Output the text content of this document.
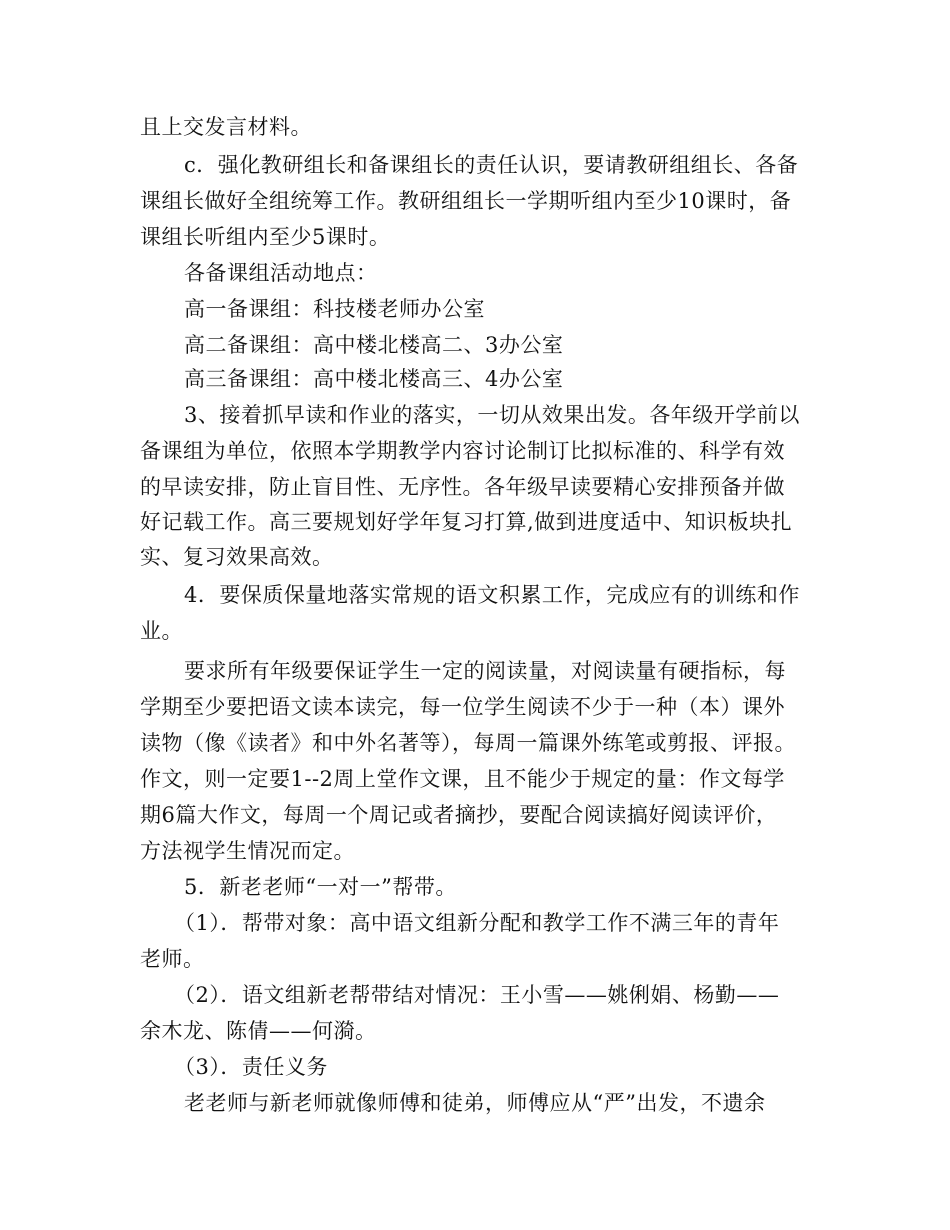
且上交发言材料。
c．强化教研组长和备课组长的责任认识，要请教研组组长、各备
课组长做好全组统筹工作。教研组组长一学期听组内至少10课时，备
课组长听组内至少5课时。
各备课组活动地点：
高一备课组：科技楼老师办公室
高二备课组：高中楼北楼高二、3办公室
高三备课组：高中楼北楼高三、4办公室
3、接着抓早读和作业的落实，一切从效果出发。各年级开学前以
备课组为单位，依照本学期教学内容讨论制订比拟标准的、科学有效
的早读安排，防止盲目性、无序性。各年级早读要精心安排预备并做
好记载工作。高三要规划好学年复习打算,做到进度适中、知识板块扎
实、复习效果高效。
4．要保质保量地落实常规的语文积累工作，完成应有的训练和作
业。
要求所有年级要保证学生一定的阅读量，对阅读量有硬指标，每
学期至少要把语文读本读完，每一位学生阅读不少于一种（本）课外
读物（像《读者》和中外名著等），每周一篇课外练笔或剪报、评报。
作文，则一定要1--2周上堂作文课，且不能少于规定的量：作文每学
期6篇大作文，每周一个周记或者摘抄，要配合阅读搞好阅读评价，
方法视学生情况而定。
5．新老老师“一对一”帮带。
（1）．帮带对象：高中语文组新分配和教学工作不满三年的青年
老师。
（2）．语文组新老帮带结对情况：王小雪——姚俐娟、杨勤——
余木龙、陈倩——何漪。
（3）．责任义务
老老师与新老师就像师傅和徒弟，师傅应从“严”出发，不遗余
